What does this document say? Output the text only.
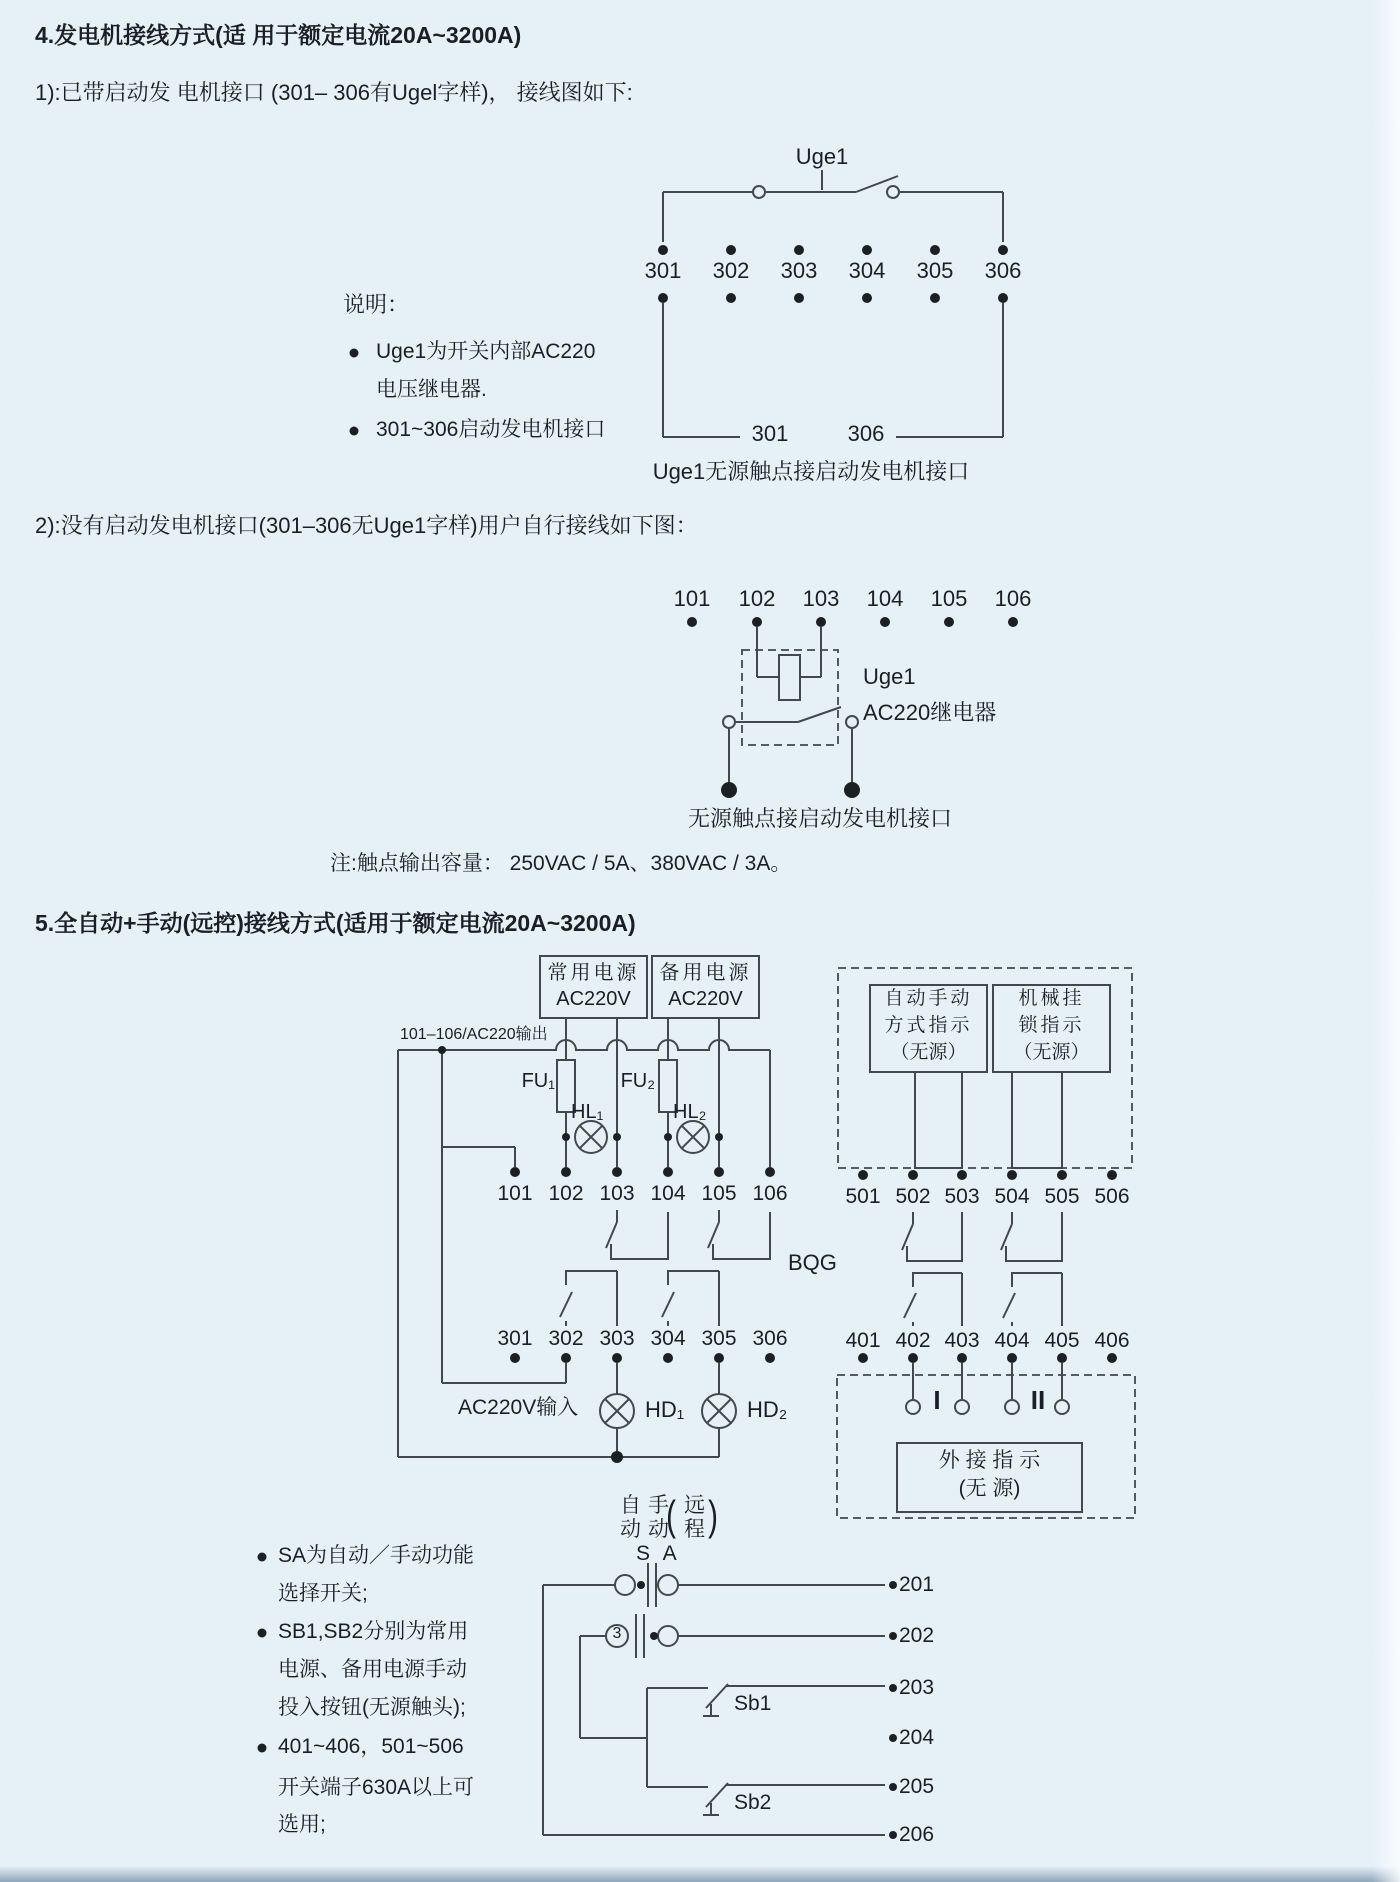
4.发电机接线方式(适 用于额定电流20A~3200A)
1):已带启动发 电机接口 (301– 306有Ugel字样)， 接线图如下:
Uge1
301	302	303	304	305	306
301	306
Uge1无源触点接启动发电机接口
说明：
Uge1为开关内部AC220
电压继电器.
301~306启动发电机接口
2):没有启动发电机接口(301–306无Uge1字样)用户自行接线如下图：
101	102	103	104	105	106
Uge1
AC220继电器
无源触点接启动发电机接口
注:触点输出容量： 250VAC / 5A、380VAC / 3A。
5.全自动+手动(远控)接线方式(适用于额定电流20A~3200A)
常用电源
AC220V
备用电源
AC220V
101–106/AC220输出
FU₁	FU₂
HL₁	HL₂
101 102 103 104 105 106
301 302 303 304 305 306
BQG
HD₁	HD₂
AC220V输入
自动手动
方式指示
（无源）
机械挂
锁指示
（无源）
501 502 503 504 505 506
401 402 403 404 405 406
I	II
外 接 指 示
(无 源)
自
动
手
动
( 远
程 )
S A
3
201
202
203
204
205
206
Sb1
Sb2
SA为自动／手动功能
选择开关;
SB1,SB2分别为常用
电源、备用电源手动
投入按钮(无源触头);
401~406，501~506
开关端子630A以上可
选用;
